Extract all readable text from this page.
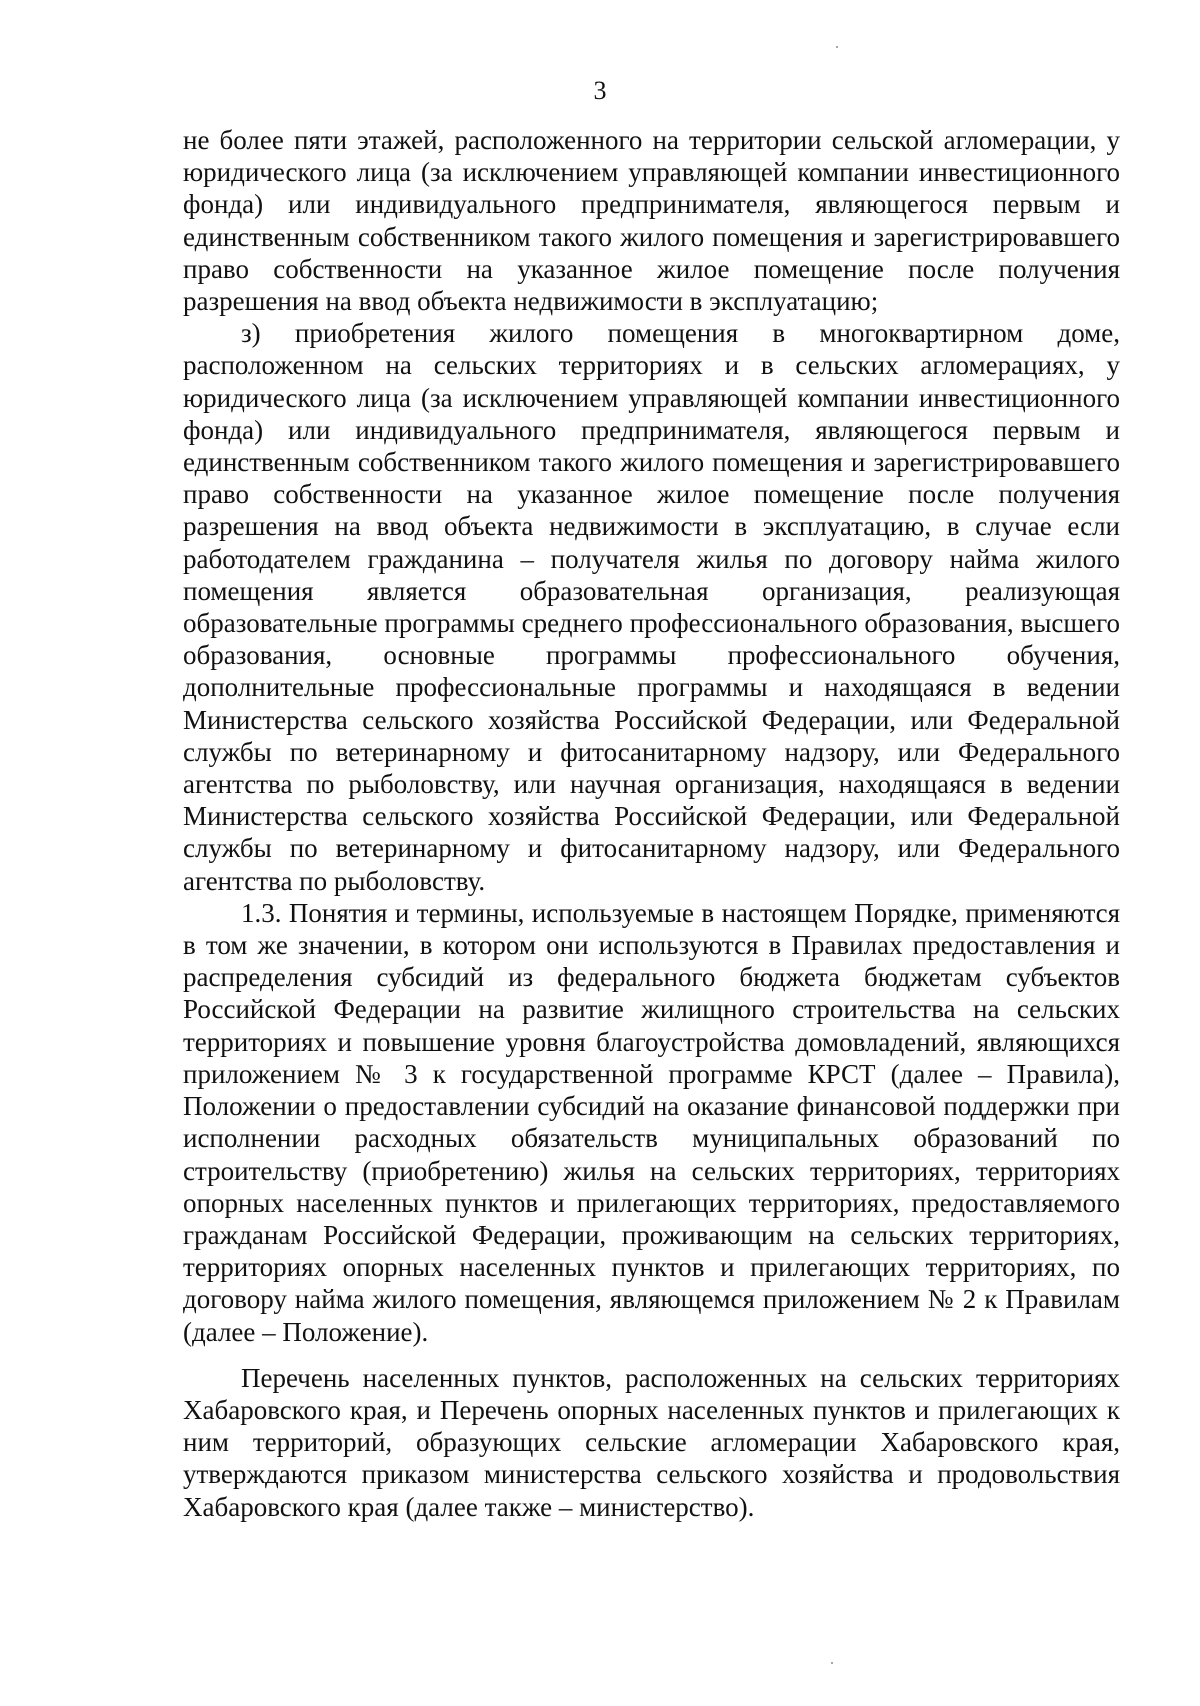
3

не более пяти этажей, расположенного на территории сельской агломерации, у юридического лица (за исключением управляющей компании инвестиционного фонда) или индивидуального предпринимателя, являющегося первым и единственным собственником такого жилого помещения и зарегистрировавшего право собственности на указанное жилое помещение после получения разрешения на ввод объекта недвижимости в эксплуатацию;

з) приобретения жилого помещения в многоквартирном доме, расположенном на сельских территориях и в сельских агломерациях, у юридического лица (за исключением управляющей компании инвестиционного фонда) или индивидуального предпринимателя, являющегося первым и единственным собственником такого жилого помещения и зарегистрировавшего право собственности на указанное жилое помещение после получения разрешения на ввод объекта недвижимости в эксплуатацию, в случае если работодателем гражданина – получателя жилья по договору найма жилого помещения является образовательная организация, реализующая образовательные программы среднего профессионального образования, высшего образования, основные программы профессионального обучения, дополнительные профессиональные программы и находящаяся в ведении Министерства сельского хозяйства Российской Федерации, или Федеральной службы по ветеринарному и фитосанитарному надзору, или Федерального агентства по рыболовству, или научная организация, находящаяся в ведении Министерства сельского хозяйства Российской Федерации, или Федеральной службы по ветеринарному и фитосанитарному надзору, или Федерального агентства по рыболовству.

1.3. Понятия и термины, используемые в настоящем Порядке, применяются в том же значении, в котором они используются в Правилах предоставления и распределения субсидий из федерального бюджета бюджетам субъектов Российской Федерации на развитие жилищного строительства на сельских территориях и повышение уровня благоустройства домовладений, являющихся приложением № 3 к государственной программе КРСТ (далее – Правила), Положении о предоставлении субсидий на оказание финансовой поддержки при исполнении расходных обязательств муниципальных образований по строительству (приобретению) жилья на сельских территориях, территориях опорных населенных пунктов и прилегающих территориях, предоставляемого гражданам Российской Федерации, проживающим на сельских территориях, территориях опорных населенных пунктов и прилегающих территориях, по договору найма жилого помещения, являющемся приложением № 2 к Правилам (далее – Положение).

Перечень населенных пунктов, расположенных на сельских территориях Хабаровского края, и Перечень опорных населенных пунктов и прилегающих к ним территорий, образующих сельские агломерации Хабаровского края, утверждаются приказом министерства сельского хозяйства и продовольствия Хабаровского края (далее также – министерство).
